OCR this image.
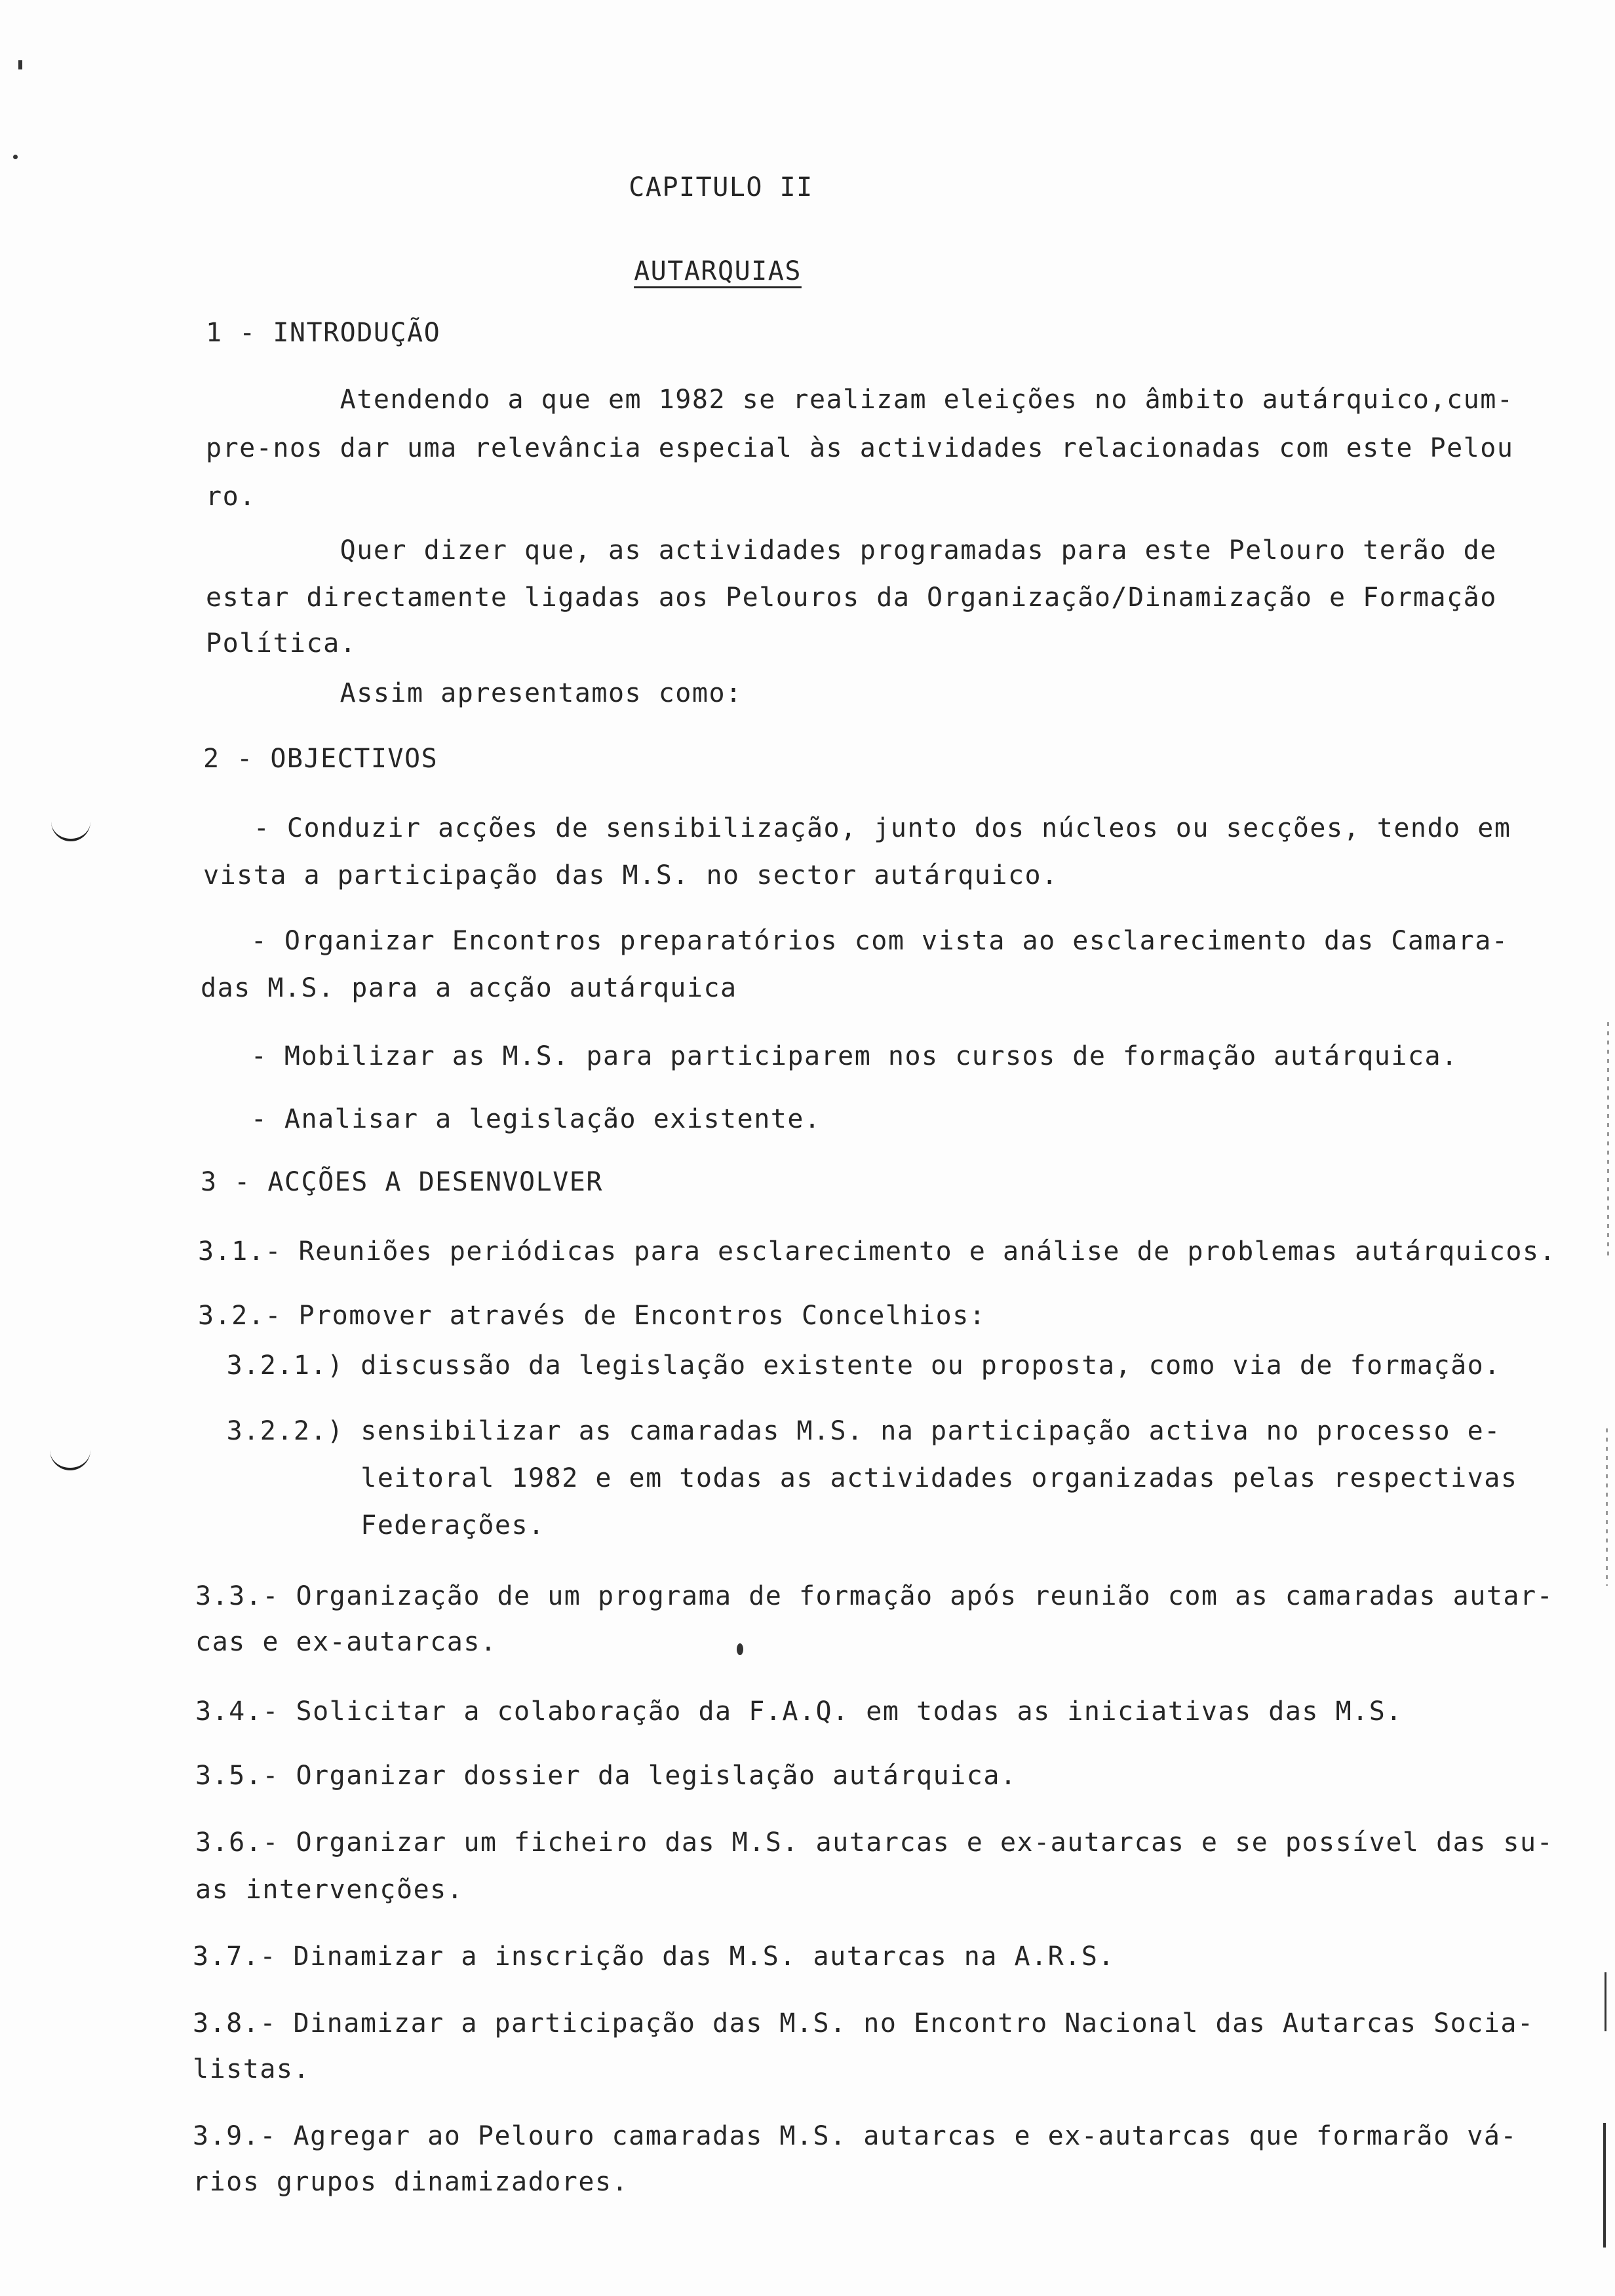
CAPITULO II
AUTARQUIAS
1 - INTRODUÇÃO
Atendendo a que em 1982 se realizam eleições no âmbito autárquico,cum-
pre-nos dar uma relevância especial às actividades relacionadas com este Pelou
ro.
Quer dizer que, as actividades programadas para este Pelouro terão de
estar directamente ligadas aos Pelouros da Organização/Dinamização e Formação
Política.
Assim apresentamos como:
2 - OBJECTIVOS
- Conduzir acções de sensibilização, junto dos núcleos ou secções, tendo em
vista a participação das M.S. no sector autárquico.
- Organizar Encontros preparatórios com vista ao esclarecimento das Camara-
das M.S. para a acção autárquica
- Mobilizar as M.S. para participarem nos cursos de formação autárquica.
- Analisar a legislação existente.
3 - ACÇÕES A DESENVOLVER
3.1.- Reuniões periódicas para esclarecimento e análise de problemas autárquicos.
3.2.- Promover através de Encontros Concelhios:
3.2.1.) discussão da legislação existente ou proposta, como via de formação.
3.2.2.) sensibilizar as camaradas M.S. na participação activa no processo e-
leitoral 1982 e em todas as actividades organizadas pelas respectivas
Federações.
3.3.- Organização de um programa de formação após reunião com as camaradas autar-
cas e ex-autarcas.
3.4.- Solicitar a colaboração da F.A.Q. em todas as iniciativas das M.S.
3.5.- Organizar dossier da legislação autárquica.
3.6.- Organizar um ficheiro das M.S. autarcas e ex-autarcas e se possível das su-
as intervenções.
3.7.- Dinamizar a inscrição das M.S. autarcas na A.R.S.
3.8.- Dinamizar a participação das M.S. no Encontro Nacional das Autarcas Socia-
listas.
3.9.- Agregar ao Pelouro camaradas M.S. autarcas e ex-autarcas que formarão vá-
rios grupos dinamizadores.
